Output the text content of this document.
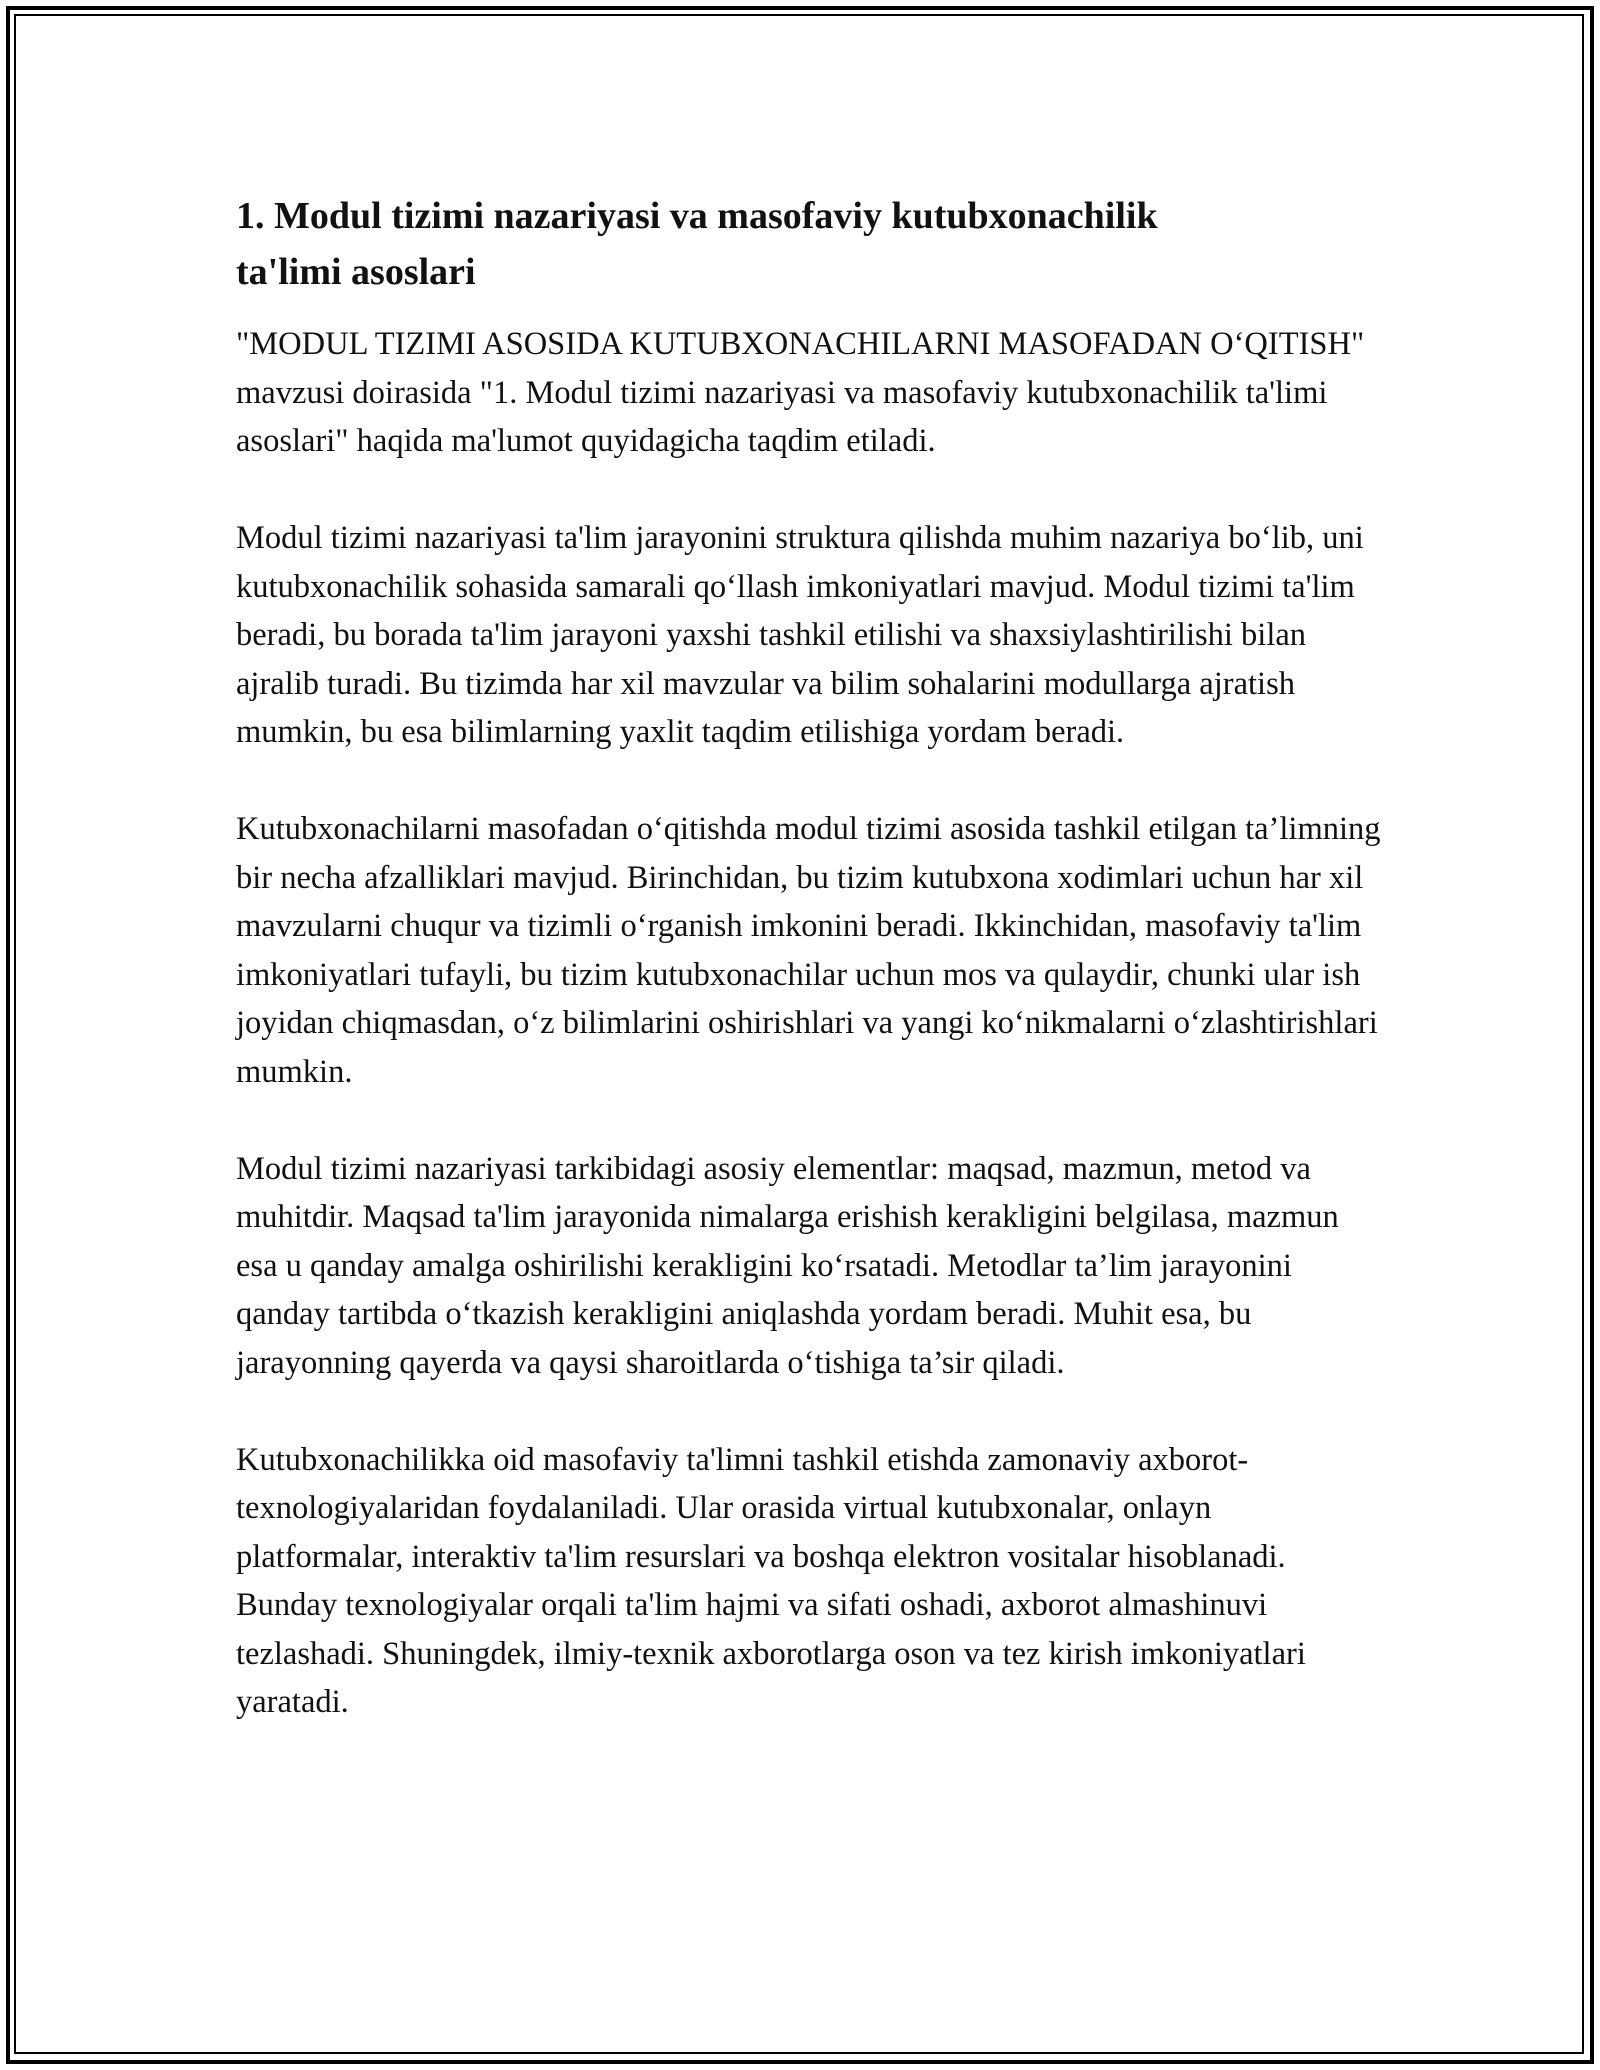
1. Modul tizimi nazariyasi va masofaviy kutubxonachilik ta'limi asoslari

"MODUL TIZIMI ASOSIDA KUTUBXONACHILARNI MASOFADAN O‘QITISH" mavzusi doirasida "1. Modul tizimi nazariyasi va masofaviy kutubxonachilik ta'limi asoslari" haqida ma'lumot quyidagicha taqdim etiladi.

Modul tizimi nazariyasi ta'lim jarayonini struktura qilishda muhim nazariya bo‘lib, uni kutubxonachilik sohasida samarali qo‘llash imkoniyatlari mavjud. Modul tizimi ta'lim beradi, bu borada ta'lim jarayoni yaxshi tashkil etilishi va shaxsiylashtirilishi bilan ajralib turadi. Bu tizimda har xil mavzular va bilim sohalarini modullarga ajratish mumkin, bu esa bilimlarning yaxlit taqdim etilishiga yordam beradi.

Kutubxonachilarni masofadan o‘qitishda modul tizimi asosida tashkil etilgan ta’limning bir necha afzalliklari mavjud. Birinchidan, bu tizim kutubxona xodimlari uchun har xil mavzularni chuqur va tizimli o‘rganish imkonini beradi. Ikkinchidan, masofaviy ta'lim imkoniyatlari tufayli, bu tizim kutubxonachilar uchun mos va qulaydir, chunki ular ish joyidan chiqmasdan, o‘z bilimlarini oshirishlari va yangi ko‘nikmalarni o‘zlashtirishlari mumkin.

Modul tizimi nazariyasi tarkibidagi asosiy elementlar: maqsad, mazmun, metod va muhitdir. Maqsad ta'lim jarayonida nimalarga erishish kerakligini belgilasa, mazmun esa u qanday amalga oshirilishi kerakligini ko‘rsatadi. Metodlar ta’lim jarayonini qanday tartibda o‘tkazish kerakligini aniqlashda yordam beradi. Muhit esa, bu jarayonning qayerda va qaysi sharoitlarda o‘tishiga ta’sir qiladi.

Kutubxonachilikka oid masofaviy ta'limni tashkil etishda zamonaviy axborot-texnologiyalaridan foydalaniladi. Ular orasida virtual kutubxonalar, onlayn platformalar, interaktiv ta'lim resurslari va boshqa elektron vositalar hisoblanadi. Bunday texnologiyalar orqali ta'lim hajmi va sifati oshadi, axborot almashinuvi tezlashadi. Shuningdek, ilmiy-texnik axborotlarga oson va tez kirish imkoniyatlari yaratadi.
